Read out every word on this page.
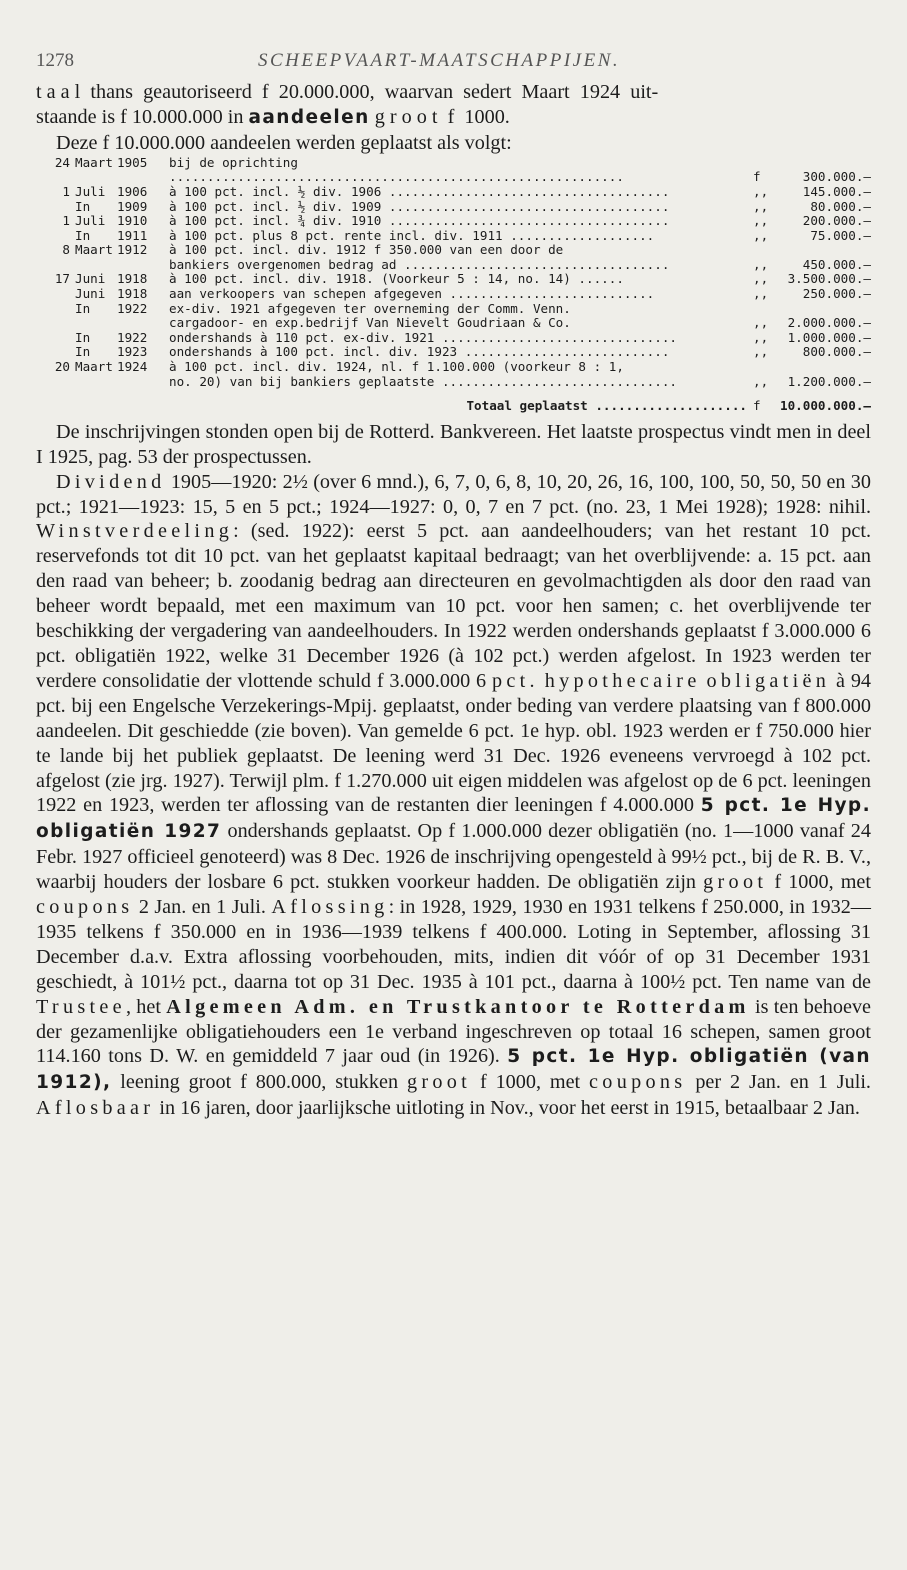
1278	SCHEEPVAART-MAATSCHAPPIJEN.

t a a l  thans  geautoriseerd  f  20.000.000,  waarvan  sedert  Maart  1924  uit-

staande is f 10.000.000 in aandeelen g r o o t  f  1000.

Deze f 10.000.000 aandeelen werden geplaatst als volgt:

24 Maart 1905	bij de oprichting ............................................................	f	300.000.–
1 Juli 1906	à 100 pct. incl. ½ div. 1906 .....................................	,,	145.000.–
In	1909	à 100 pct. incl. ½ div. 1909 .....................................	,,	80.000.–
1 Juli 1910	à 100 pct. incl. ¾ div. 1910 .....................................	,,	200.000.–
In	1911	à 100 pct. plus 8 pct. rente incl. div. 1911 ...................	,,	75.000.–
8 Maart 1912	à 100 pct. incl. div. 1912 f 350.000 van een door de
bankiers overgenomen bedrag ad ...................................	,,	450.000.–
17 Juni 1918	à 100 pct. incl. div. 1918. (Voorkeur 5 : 14, no. 14) ......	,,	3.500.000.–
Juni 1918	aan verkoopers van schepen afgegeven ...........................	,,	250.000.–
In	1922	ex-div. 1921 afgegeven ter overneming der Comm. Venn.
cargadoor- en exp.bedrijf Van Nievelt Goudriaan & Co.	,,	2.000.000.–
In	1922	ondershands à 110 pct. ex-div. 1921 ...............................	,,	1.000.000.–
In	1923	ondershands à 100 pct. incl. div. 1923 ...........................	,,	800.000.–
20 Maart 1924	à 100 pct. incl. div. 1924, nl. f 1.100.000 (voorkeur 8 : 1,
no. 20) van bij bankiers geplaatste ...............................	,,	1.200.000.–
Totaal geplaatst .................... f	10.000.000.–

De inschrijvingen stonden open bij de Rotterd. Bankvereen. Het laatste prospectus vindt men in deel I 1925, pag. 53 der prospectussen.

Dividend 1905—1920: 2½ (over 6 mnd.), 6, 7, 0, 6, 8, 10, 20, 26, 16, 100, 100, 50, 50, 50 en 30 pct.; 1921—1923: 15, 5 en 5 pct.; 1924—1927: 0, 0, 7 en 7 pct. (no. 23, 1 Mei 1928); 1928: nihil. Winstverdeeling: (sed. 1922): eerst 5 pct. aan aandeelhouders; van het restant 10 pct. reservefonds tot dit 10 pct. van het geplaatst kapitaal bedraagt; van het overblijvende: a. 15 pct. aan den raad van beheer; b. zoodanig bedrag aan directeuren en gevolmachtigden als door den raad van beheer wordt bepaald, met een maximum van 10 pct. voor hen samen; c. het overblijvende ter beschikking der vergadering van aandeelhouders. In 1922 werden ondershands geplaatst f 3.000.000 6 pct. obligatiën 1922, welke 31 December 1926 (à 102 pct.) werden afgelost. In 1923 werden ter verdere consolidatie der vlottende schuld f 3.000.000 6 pct. hypothecaire obligatiën à 94 pct. bij een Engelsche Verzekerings-Mpij. geplaatst, onder beding van verdere plaatsing van f 800.000 aandeelen. Dit geschiedde (zie boven). Van gemelde 6 pct. 1e hyp. obl. 1923 werden er f 750.000 hier te lande bij het publiek geplaatst. De leening werd 31 Dec. 1926 eveneens vervroegd à 102 pct. afgelost (zie jrg. 1927). Terwijl plm. f 1.270.000 uit eigen middelen was afgelost op de 6 pct. leeningen 1922 en 1923, werden ter aflossing van de restanten dier leeningen f 4.000.000 5 pct. 1e Hyp. obligatiën 1927 ondershands geplaatst. Op f 1.000.000 dezer obligatiën (no. 1—1000 vanaf 24 Febr. 1927 officieel genoteerd) was 8 Dec. 1926 de inschrijving opengesteld à 99½ pct., bij de R. B. V., waarbij houders der losbare 6 pct. stukken voorkeur hadden. De obligatiën zijn groot f 1000, met coupons 2 Jan. en 1 Juli. Aflossing: in 1928, 1929, 1930 en 1931 telkens f 250.000, in 1932—1935 telkens f 350.000 en in 1936—1939 telkens f 400.000. Loting in September, aflossing 31 December d.a.v. Extra aflossing voorbehouden, mits, indien dit vóór of op 31 December 1931 geschiedt, à 101½ pct., daarna tot op 31 Dec. 1935 à 101 pct., daarna à 100½ pct. Ten name van de Trustee, het Algemeen Adm. en Trustkantoor te Rotterdam is ten behoeve der gezamenlijke obligatiehouders een 1e verband ingeschreven op totaal 16 schepen, samen groot 114.160 tons D. W. en gemiddeld 7 jaar oud (in 1926). 5 pct. 1e Hyp. obligatiën (van 1912), leening groot f 800.000, stukken groot f 1000, met coupons per 2 Jan. en 1 Juli. Aflosbaar in 16 jaren, door jaarlijksche uitloting in Nov., voor het eerst in 1915, betaalbaar 2 Jan.
